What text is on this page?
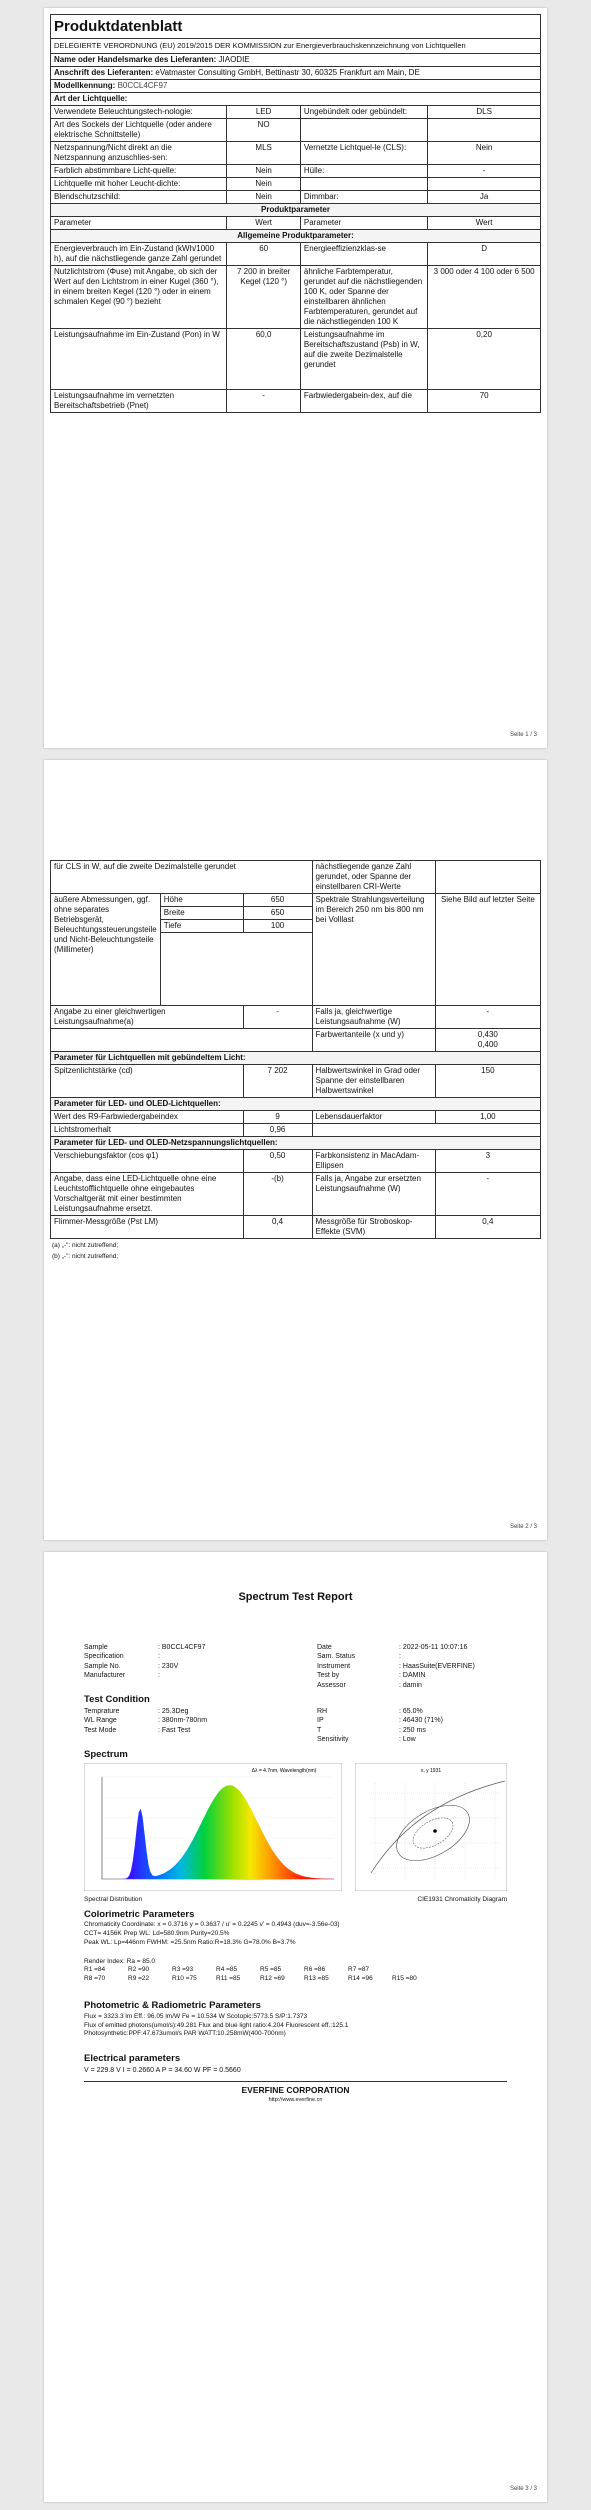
Produktdatenblatt
DELEGIERTE VERORDNUNG (EU) 2019/2015 DER KOMMISSION zur Energieverbrauchskennzeichnung von Lichtquellen
Name oder Handelsmarke des Lieferanten: JIAODIE			
Anschrift des Lieferanten: eVatmaster Consulting GmbH, Bettinastr 30, 60325 Frankfurt am Main, DE			
Modellkennung: B0CCL4CF97			
Art der Lichtquelle:			
Verwendete Beleuchtungstech-nologie:	LED	Ungebündelt oder gebündelt:	DLS
Art des Sockels der Lichtquelle (oder andere elektrische Schnittstelle)	NO		
Netzspannung/Nicht direkt an die Netzspannung anzuschlies-sen:	MLS	Vernetzte Lichtquel-le (CLS):	Nein
Farblich abstimmbare Licht-quelle:	Nein	Hülle:	-
Lichtquelle mit hoher Leucht-dichte:	Nein		
Blendschutzschild:	Nein	Dimmbar:	Ja
Produktparameter			
Parameter	Wert	Parameter	Wert
Allgemeine Produktparameter:			
Energieverbrauch im Ein-Zustand (kWh/1000 h), auf die nächstliegende ganze Zahl gerundet	60	Energieeffizienzklas-se	D
Nutzlichtstrom (Φuse) mit Angabe, ob sich der Wert auf den Lichtstrom in einer Kugel (360 °), in einem breiten Kegel (120 °) oder in einem schmalen Kegel (90 °) bezieht	7 200 in breiter Kegel (120 °)	ähnliche Farbtemperatur, gerundet auf die nächstliegenden 100 K, oder Spanne der einstellbaren ähnlichen Farbtemperaturen, gerundet auf die nächstliegenden 100 K	3 000 oder 4 100 oder 6 500
Leistungsaufnahme im Ein-Zustand (Pon) in W	60,0	Leistungsaufnahme im Bereitschaftszustand (Psb) in W, auf die zweite Dezimalstelle gerundet	0,20
Leistungsaufnahme im vernetzten Bereitschaftsbetrieb (Pnet)	-	Farbwiedergabein-dex, auf die	70
Seite 1 / 3
für CLS in W, auf die zweite Dezimalstelle gerundet			nächstliegende ganze Zahl gerundet, oder Spanne der einstellbaren CRI-Werte	
äußere Abmessungen, ggf. ohne separates Betriebsgerät, Beleuchtungssteuerungsteile und Nicht-Beleuchtungsteile (Millimeter)	Höhe	650	Spektrale Strahlungsverteilung im Bereich 250 nm bis 800 nm bei Volllast	Siehe Bild auf letzter Seite
	Breite	650		
	Tiefe	100		

Angabe zu einer gleichwertigen Leistungsaufnahme(a)		-	Falls ja, gleichwertige Leistungsaufnahme (W)	-
			Farbwertanteile (x und y)	0,430
0,400
Parameter für Lichtquellen mit gebündeltem Licht:				
Spitzenlichtstärke (cd)		7 202	Halbwertswinkel in Grad oder Spanne der einstellbaren Halbwertswinkel	150
Parameter für LED- und OLED-Lichtquellen:				
Wert des R9-Farbwiedergabeindex		9	Lebensdauerfaktor	1,00
Lichtstromerhalt		0,96		
Parameter für LED- und OLED-Netzspannungslichtquellen:				
Verschiebungsfaktor (cos φ1)		0,50	Farbkonsistenz in MacAdam-Ellipsen	3
Angabe, dass eine LED-Lichtquelle ohne eine Leuchtstofflichtquelle ohne eingebautes Vorschaltgerät mit einer bestimmten Leistungsaufnahme ersetzt.		-(b)	Falls ja, Angabe zur ersetzten Leistungsaufnahme (W)	-
Flimmer-Messgröße (Pst LM)		0,4	Messgröße für Stroboskop-Effekte (SVM)	0,4
(a) „-": nicht zutreffend;
(b) „-": nicht zutreffend;
Seite 2 / 3
Spectrum Test Report
Sample	: B0CCL4CF97
Specification	:
Sample No.	: 230V
Manufacturer	:
Date	: 2022-05-11 10:07:16
Sam. Status	:
Instrument	: HaasSuite(EVERFINE)
Test by	: DAMIN
Assessor	: damin
Test Condition
Temprature	: 25.3Deg
WL Range	: 380nm-780nm
Test Mode	: Fast Test
RH	: 65.0%
IP	: 46430 (71%)
T	: 250 ms
Sensitivity	: Low
Spectrum
Δλ = 4.7nm, Wavelength(nm)
Spectral Distribution
x, y 1931
CIE1931 Chromaticity Diagram
Colorimetric Parameters
Chromaticity Coordinate: x = 0.3716 y = 0.3637 / u' = 0.2245 v' = 0.4943 (duv=-3.56e-03)
CCT= 4156K Prep WL: Ld=580.9nm Purity=20.5%
Peak WL: Lp=446nm FWHM: =25.5nm Ratio:R=18.3% G=78.0% B=3.7%
Render Index: Ra = 85.0
R1 =84	R2 =90	R3 =93	R4 =85	R5 =85	R6 =86	R7 =87
R8 =70	R9 =22	R10 =75	R11 =85	R12 =69	R13 =85	R14 =96	R15 =80
Photometric & Radiometric Parameters
Flux = 3323.3 lm Eff.: 96.05 lm/W Fe = 10.534 W Scotopic:5773.5 S/P:1.7373
Flux of emitted photons(umol/s):49.281 Flux and blue light ratio:4.204 Fluorescent eff.:125.1
Photosynthetic:PPF:47.673umol/s PAR WATT:10.258mW(400-700nm)
Electrical parameters
V = 229.8 V I = 0.2660 A P = 34.60 W PF = 0.5660
EVERFINE CORPORATION
http://www.everfine.cn
Seite 3 / 3
